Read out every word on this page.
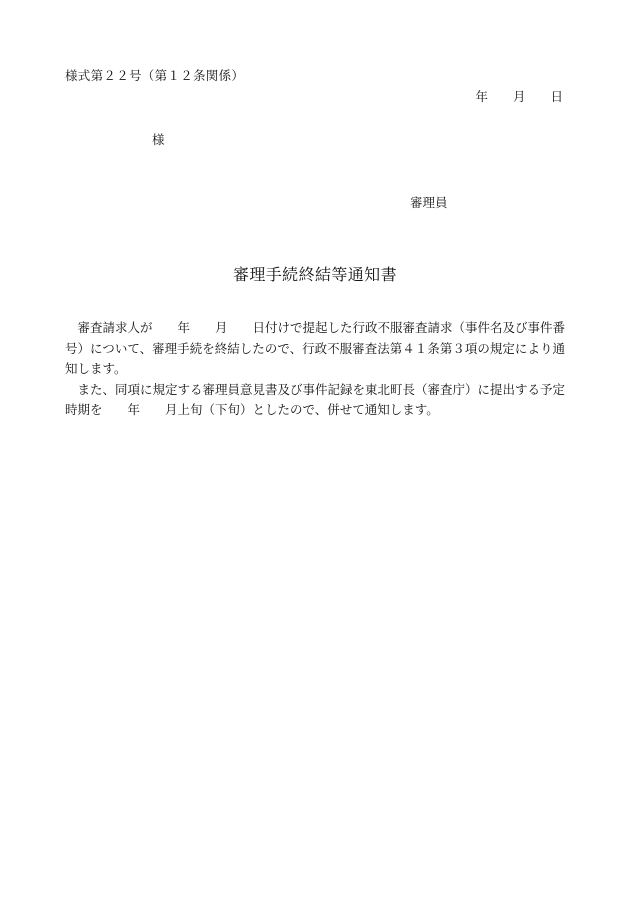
様式第２２号（第１２条関係）
年　　月　　日
様
審理員
審理手続終結等通知書

審査請求人が　　年　　月　　日付けで提起した行政不服審査請求（事件名及び事件番号）について、審理手続を終結したので、行政不服審査法第４１条第３項の規定により通知します。

また、同項に規定する審理員意見書及び事件記録を東北町長（審査庁）に提出する予定時期を　　年　　月上旬（下旬）としたので、併せて通知します。
